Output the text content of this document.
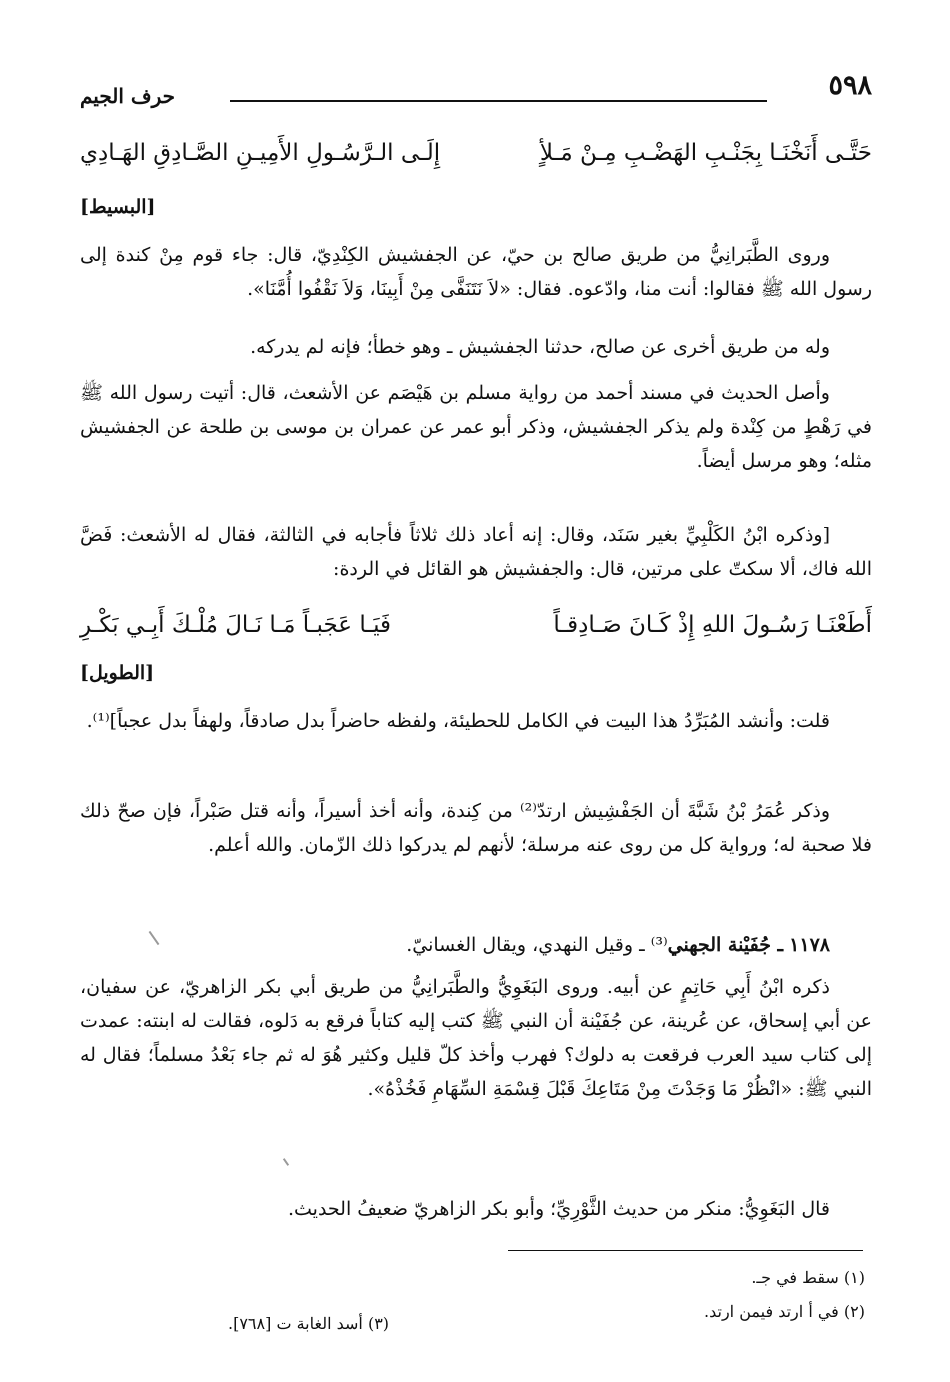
٥٩٨
حرف الجيم
حَتَّـى أَنَخْنَـا بِجَنْـبِ الهَضْـبِ مِـنْ مَـلأٍ
إِلَـى الـرَّسُـولِ الأَمِيـنِ الصَّـادِقِ الهَـادِي
[البسيط]

وروى الطَّبَرانِيُّ من طريق صالح بن حيّ، عن الجفشيش الكِنْدِيّ، قال: جاء قوم مِنْ كندة إلى رسول الله ﷺ فقالوا: أنت منا، وادّعوه. فقال: «لاَ نَتَنَفَّى مِنْ أَبِينَا، وَلاَ نَقْفُوا أُمَّنَا».

وله من طريق أخرى عن صالح، حدثنا الجفشيش ـ وهو خطأ؛ فإنه لم يدركه.

وأصل الحديث في مسند أحمد من رواية مسلم بن هَيْصَم عن الأشعث، قال: أتيت رسول الله ﷺ في رَهْطٍ من كِنْدة ولم يذكر الجفشيش، وذكر أبو عمر عن عمران بن موسى بن طلحة عن الجفشيش مثله؛ وهو مرسل أيضاً.

[وذكره ابْنُ الكَلْبِيِّ بغير سَنَد، وقال: إنه أعاد ذلك ثلاثاً فأجابه في الثالثة، فقال له الأشعث: فَضَّ الله فاك، ألا سكتّ على مرتين، قال: والجفشيش هو القائل في الردة:

أَطَعْنَـا رَسُـولَ اللهِ إِذْ كَـانَ صَـادِقـاً
فَيَـا عَجَبـاً مَـا نَـالَ مُلْـكَ أَبِـي بَكْـرِ
[الطويل]

قلت: وأنشد المُبَرِّدُ هذا البيت في الكامل للحطيئة، ولفظه حاضراً بدل صادقاً، ولهفاً بدل عجباً]⁽¹⁾.

وذكر عُمَرُ بْنُ شَبَّةَ أن الجَفْشِيش ارتدّ⁽²⁾ من كِندة، وأنه أخذ أسيراً، وأنه قتل صَبْراً، فإن صحّ ذلك فلا صحبة له؛ ورواية كل من روى عنه مرسلة؛ لأنهم لم يدركوا ذلك الزّمان. والله أعلم.

١١٧٨ ـ جُفَيْنة الجهني⁽³⁾ ـ وقيل النهدي، ويقال الغسانيّ.

ذكره ابْنُ أَبِي حَاتِمٍ عن أبيه. وروى البَغَوِيُّ والطَّبَرانِيُّ من طريق أبي بكر الزاهريّ، عن سفيان، عن أبي إسحاق، عن عُرينة، عن جُفَيْنة أن النبي ﷺ كتب إليه كتاباً فرقع به دَلوه، فقالت له ابنته: عمدت إلى كتاب سيد العرب فرقعت به دلوك؟ فهرب وأخذ كلّ قليل وكثير هُوَ له ثم جاء بَعْدُ مسلماً؛ فقال له النبي ﷺ: «انْظُرْ مَا وَجَدْتَ مِنْ مَتَاعِكَ قَبْلَ قِسْمَةِ السِّهَامِ فَخُذْهُ».

قال البَغَوِيُّ: منكر من حديث الثَّوْرِيِّ؛ وأبو بكر الزاهريّ ضعيفُ الحديث.

(١) سقط في جـ.
(٢) في أ ارتد فيمن ارتد.
(٣) أسد الغابة ت [٧٦٨].
